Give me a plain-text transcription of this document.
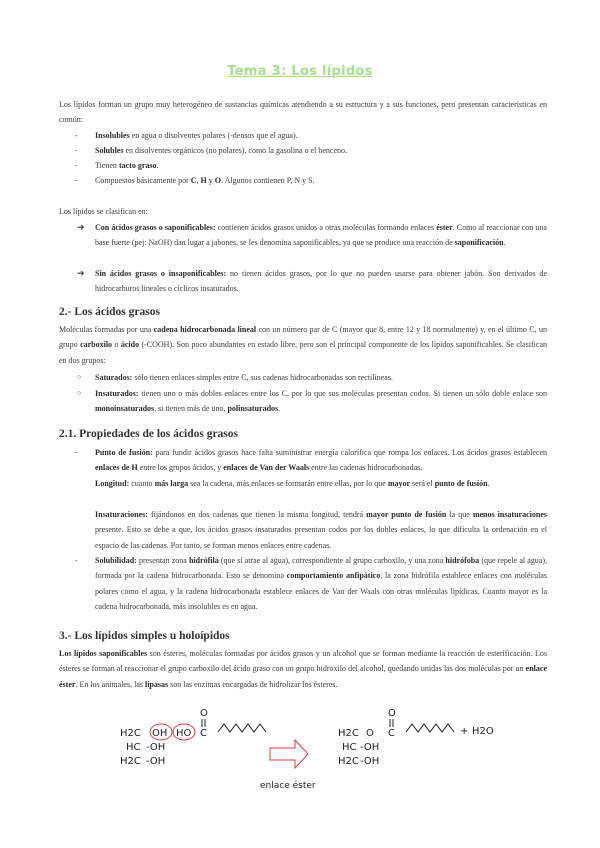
Tema 3: Los lípidos
Los lípidos forman un grupo muy heterogéneo de sustancias químicas atendiendo a su estructura y a sus funciones, pero presentan características en común:
- Insolubles en agua o disolventes polares (-densos que el agua).
- Solubles en disolventes orgánicos (no polares), como la gasolina o el benceno.
- Tienen tacto graso.
- Compuestos básicamente por C, H y O. Algunos contienen P, N y S.
Los lípidos se clasifican en:
➔ Con ácidos grasos o saponificables: contienen ácidos grasos unidos a otras moléculas formando enlaces éster. Como al reaccionar con una base fuerte (pej: NaOH) dan lugar a jabones, se les denomina saponificables, ya que se produce una reacción de saponificación.
➔ Sin ácidos grasos o insaponificables: no tienen ácidos grasos, por lo que no pueden usarse para obtener jabón. Son derivados de hidrocarburos lineales o cíclicos insaturados.
2.- Los ácidos grasos
Moléculas formadas por una cadena hidrocarbonada lineal con un número par de C (mayor que 8, entre 12 y 18 normalmente) y, en el último C, un grupo carboxilo o ácido (-COOH). Son poco abundantes en estado libre, pero son el principal componente de los lípidos saponificables. Se clasifican en dos grupos:
○ Saturados: sólo tienen enlaces simples entre C, sus cadenas hidrocarbonadas son rectilíneas.
○ Insaturados: tienen uno o más dobles enlaces entre los C, por lo que sus moléculas presentan codos. Si tienen un sólo doble enlace son monoinsaturados, si tienen más de uno, polinsaturados.
2.1. Propiedades de los ácidos grasos
- Punto de fusión: para fundir ácidos grasos hace falta suministrar energía calorífica que rompa los enlaces. Los ácidos grasos establecen enlaces de H entre los grupos ácidos, y enlaces de Van der Waals entre las cadenas hidrocarbonadas.
Longitud: cuanto más larga sea la cadena, más enlaces se formarán entre ellas, por lo que mayor será el punto de fusión.
Insaturaciones: fijándonos en dos cadenas que tienen la misma longitud, tendrá mayor punto de fusión la que menos insaturaciones presente. Esto se debe a que, los ácidos grasos insaturados presentan codos por los dobles enlaces, lo que dificulta la ordenación en el espacio de las cadenas. Por tanto, se forman menos enlaces entre cadenas.
- Solubilidad: presentan zona hidrófila (que sí atrae al agua), correspondiente al grupo carboxilo, y una zona hidrófoba (que repele al agua), formada por la cadena hidrocarbonada. Esto se denomina comportamiento anfipático, la zona hidrófila establece enlaces con moléculas polares como el agua, y la cadena hidrocarbonada establece enlaces de Van der Waals con otras moléculas lipídicas. Cuanto mayor es la cadena hidrocarbonada, más insolubles es en agua.
3.- Los lípidos simples u holoípidos
Los lípidos saponificables son ésteres, moléculas formadas por ácidos grasos y un alcohol que se forman mediante la reacción de esterificación. Los ésteres se forman al reaccionar el grupo carboxilo del ácido graso con un grupo hidroxilo del alcohol, quedando unidas las dos moléculas por un enlace éster. En los animales, las lipasas son las enzimas encargadas de hidrolizar los ésteres.
H2C OH HO C
O
HC -OH
H2C -OH
enlace éster
H2C O C
O
+ H2O
HC -OH
H2C -OH
